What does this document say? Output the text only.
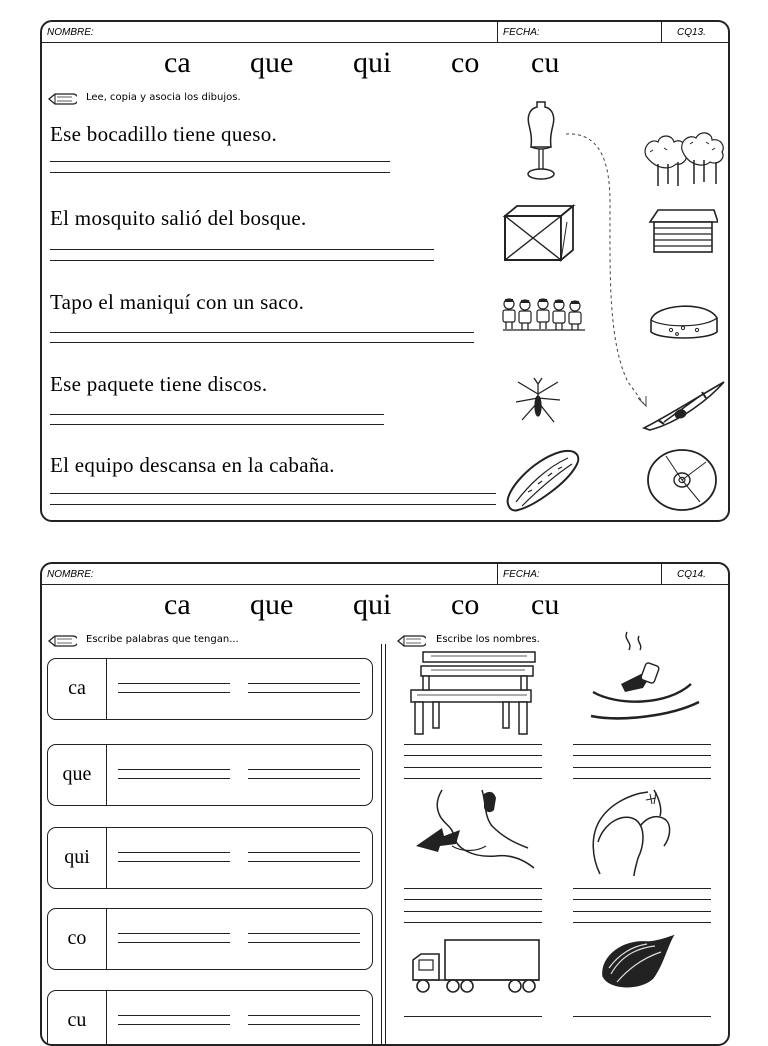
NOMBRE:	FECHA:	CQ13.
ca que qui co cu
Lee, copia y asocia los dibujos.
Ese bocadillo tiene queso.
El mosquito salió del bosque.
Tapo el maniquí con un saco.
Ese paquete tiene discos.
El equipo descansa en la cabaña.
NOMBRE:	FECHA:	CQ14.
ca que qui co cu
Escribe palabras que tengan...	Escribe los nombres.
ca
que
qui
co
cu
